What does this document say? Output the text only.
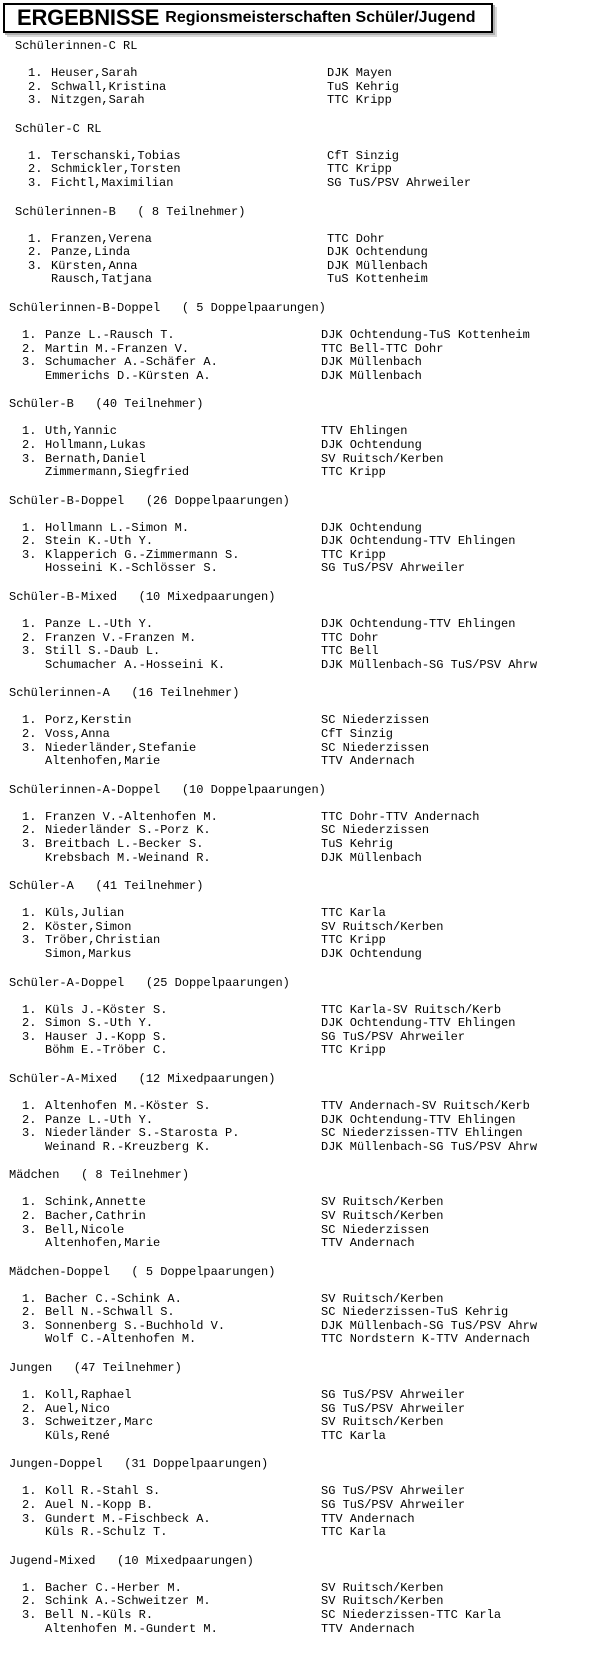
ERGEBNISSE Regionsmeisterschaften Schüler/Jugend
Schülerinnen-C RL
1. Heuser,Sarah	DJK Mayen
2. Schwall,Kristina	TuS Kehrig
3. Nitzgen,Sarah	TTC Kripp
Schüler-C RL
1. Terschanski,Tobias	CfT Sinzig
2. Schmickler,Torsten	TTC Kripp
3. Fichtl,Maximilian	SG TuS/PSV Ahrweiler
Schülerinnen-B   ( 8 Teilnehmer)
1. Franzen,Verena	TTC Dohr
2. Panze,Linda	DJK Ochtendung
3. Kürsten,Anna	DJK Müllenbach
Rausch,Tatjana	TuS Kottenheim
Schülerinnen-B-Doppel   ( 5 Doppelpaarungen)
1. Panze L.-Rausch T.	DJK Ochtendung-TuS Kottenheim
2. Martin M.-Franzen V.	TTC Bell-TTC Dohr
3. Schumacher A.-Schäfer A.	DJK Müllenbach
Emmerichs D.-Kürsten A.	DJK Müllenbach
Schüler-B   (40 Teilnehmer)
1. Uth,Yannic	TTV Ehlingen
2. Hollmann,Lukas	DJK Ochtendung
3. Bernath,Daniel	SV Ruitsch/Kerben
Zimmermann,Siegfried	TTC Kripp
Schüler-B-Doppel   (26 Doppelpaarungen)
1. Hollmann L.-Simon M.	DJK Ochtendung
2. Stein K.-Uth Y.	DJK Ochtendung-TTV Ehlingen
3. Klapperich G.-Zimmermann S.	TTC Kripp
Hosseini K.-Schlösser S.	SG TuS/PSV Ahrweiler
Schüler-B-Mixed   (10 Mixedpaarungen)
1. Panze L.-Uth Y.	DJK Ochtendung-TTV Ehlingen
2. Franzen V.-Franzen M.	TTC Dohr
3. Still S.-Daub L.	TTC Bell
Schumacher A.-Hosseini K.	DJK Müllenbach-SG TuS/PSV Ahrw
Schülerinnen-A   (16 Teilnehmer)
1. Porz,Kerstin	SC Niederzissen
2. Voss,Anna	CfT Sinzig
3. Niederländer,Stefanie	SC Niederzissen
Altenhofen,Marie	TTV Andernach
Schülerinnen-A-Doppel   (10 Doppelpaarungen)
1. Franzen V.-Altenhofen M.	TTC Dohr-TTV Andernach
2. Niederländer S.-Porz K.	SC Niederzissen
3. Breitbach L.-Becker S.	TuS Kehrig
Krebsbach M.-Weinand R.	DJK Müllenbach
Schüler-A   (41 Teilnehmer)
1. Küls,Julian	TTC Karla
2. Köster,Simon	SV Ruitsch/Kerben
3. Tröber,Christian	TTC Kripp
Simon,Markus	DJK Ochtendung
Schüler-A-Doppel   (25 Doppelpaarungen)
1. Küls J.-Köster S.	TTC Karla-SV Ruitsch/Kerb
2. Simon S.-Uth Y.	DJK Ochtendung-TTV Ehlingen
3. Hauser J.-Kopp S.	SG TuS/PSV Ahrweiler
Böhm E.-Tröber C.	TTC Kripp
Schüler-A-Mixed   (12 Mixedpaarungen)
1. Altenhofen M.-Köster S.	TTV Andernach-SV Ruitsch/Kerb
2. Panze L.-Uth Y.	DJK Ochtendung-TTV Ehlingen
3. Niederländer S.-Starosta P.	SC Niederzissen-TTV Ehlingen
Weinand R.-Kreuzberg K.	DJK Müllenbach-SG TuS/PSV Ahrw
Mädchen   ( 8 Teilnehmer)
1. Schink,Annette	SV Ruitsch/Kerben
2. Bacher,Cathrin	SV Ruitsch/Kerben
3. Bell,Nicole	SC Niederzissen
Altenhofen,Marie	TTV Andernach
Mädchen-Doppel   ( 5 Doppelpaarungen)
1. Bacher C.-Schink A.	SV Ruitsch/Kerben
2. Bell N.-Schwall S.	SC Niederzissen-TuS Kehrig
3. Sonnenberg S.-Buchhold V.	DJK Müllenbach-SG TuS/PSV Ahrw
Wolf C.-Altenhofen M.	TTC Nordstern K-TTV Andernach
Jungen   (47 Teilnehmer)
1. Koll,Raphael	SG TuS/PSV Ahrweiler
2. Auel,Nico	SG TuS/PSV Ahrweiler
3. Schweitzer,Marc	SV Ruitsch/Kerben
Küls,René	TTC Karla
Jungen-Doppel   (31 Doppelpaarungen)
1. Koll R.-Stahl S.	SG TuS/PSV Ahrweiler
2. Auel N.-Kopp B.	SG TuS/PSV Ahrweiler
3. Gundert M.-Fischbeck A.	TTV Andernach
Küls R.-Schulz T.	TTC Karla
Jugend-Mixed   (10 Mixedpaarungen)
1. Bacher C.-Herber M.	SV Ruitsch/Kerben
2. Schink A.-Schweitzer M.	SV Ruitsch/Kerben
3. Bell N.-Küls R.	SC Niederzissen-TTC Karla
Altenhofen M.-Gundert M.	TTV Andernach
